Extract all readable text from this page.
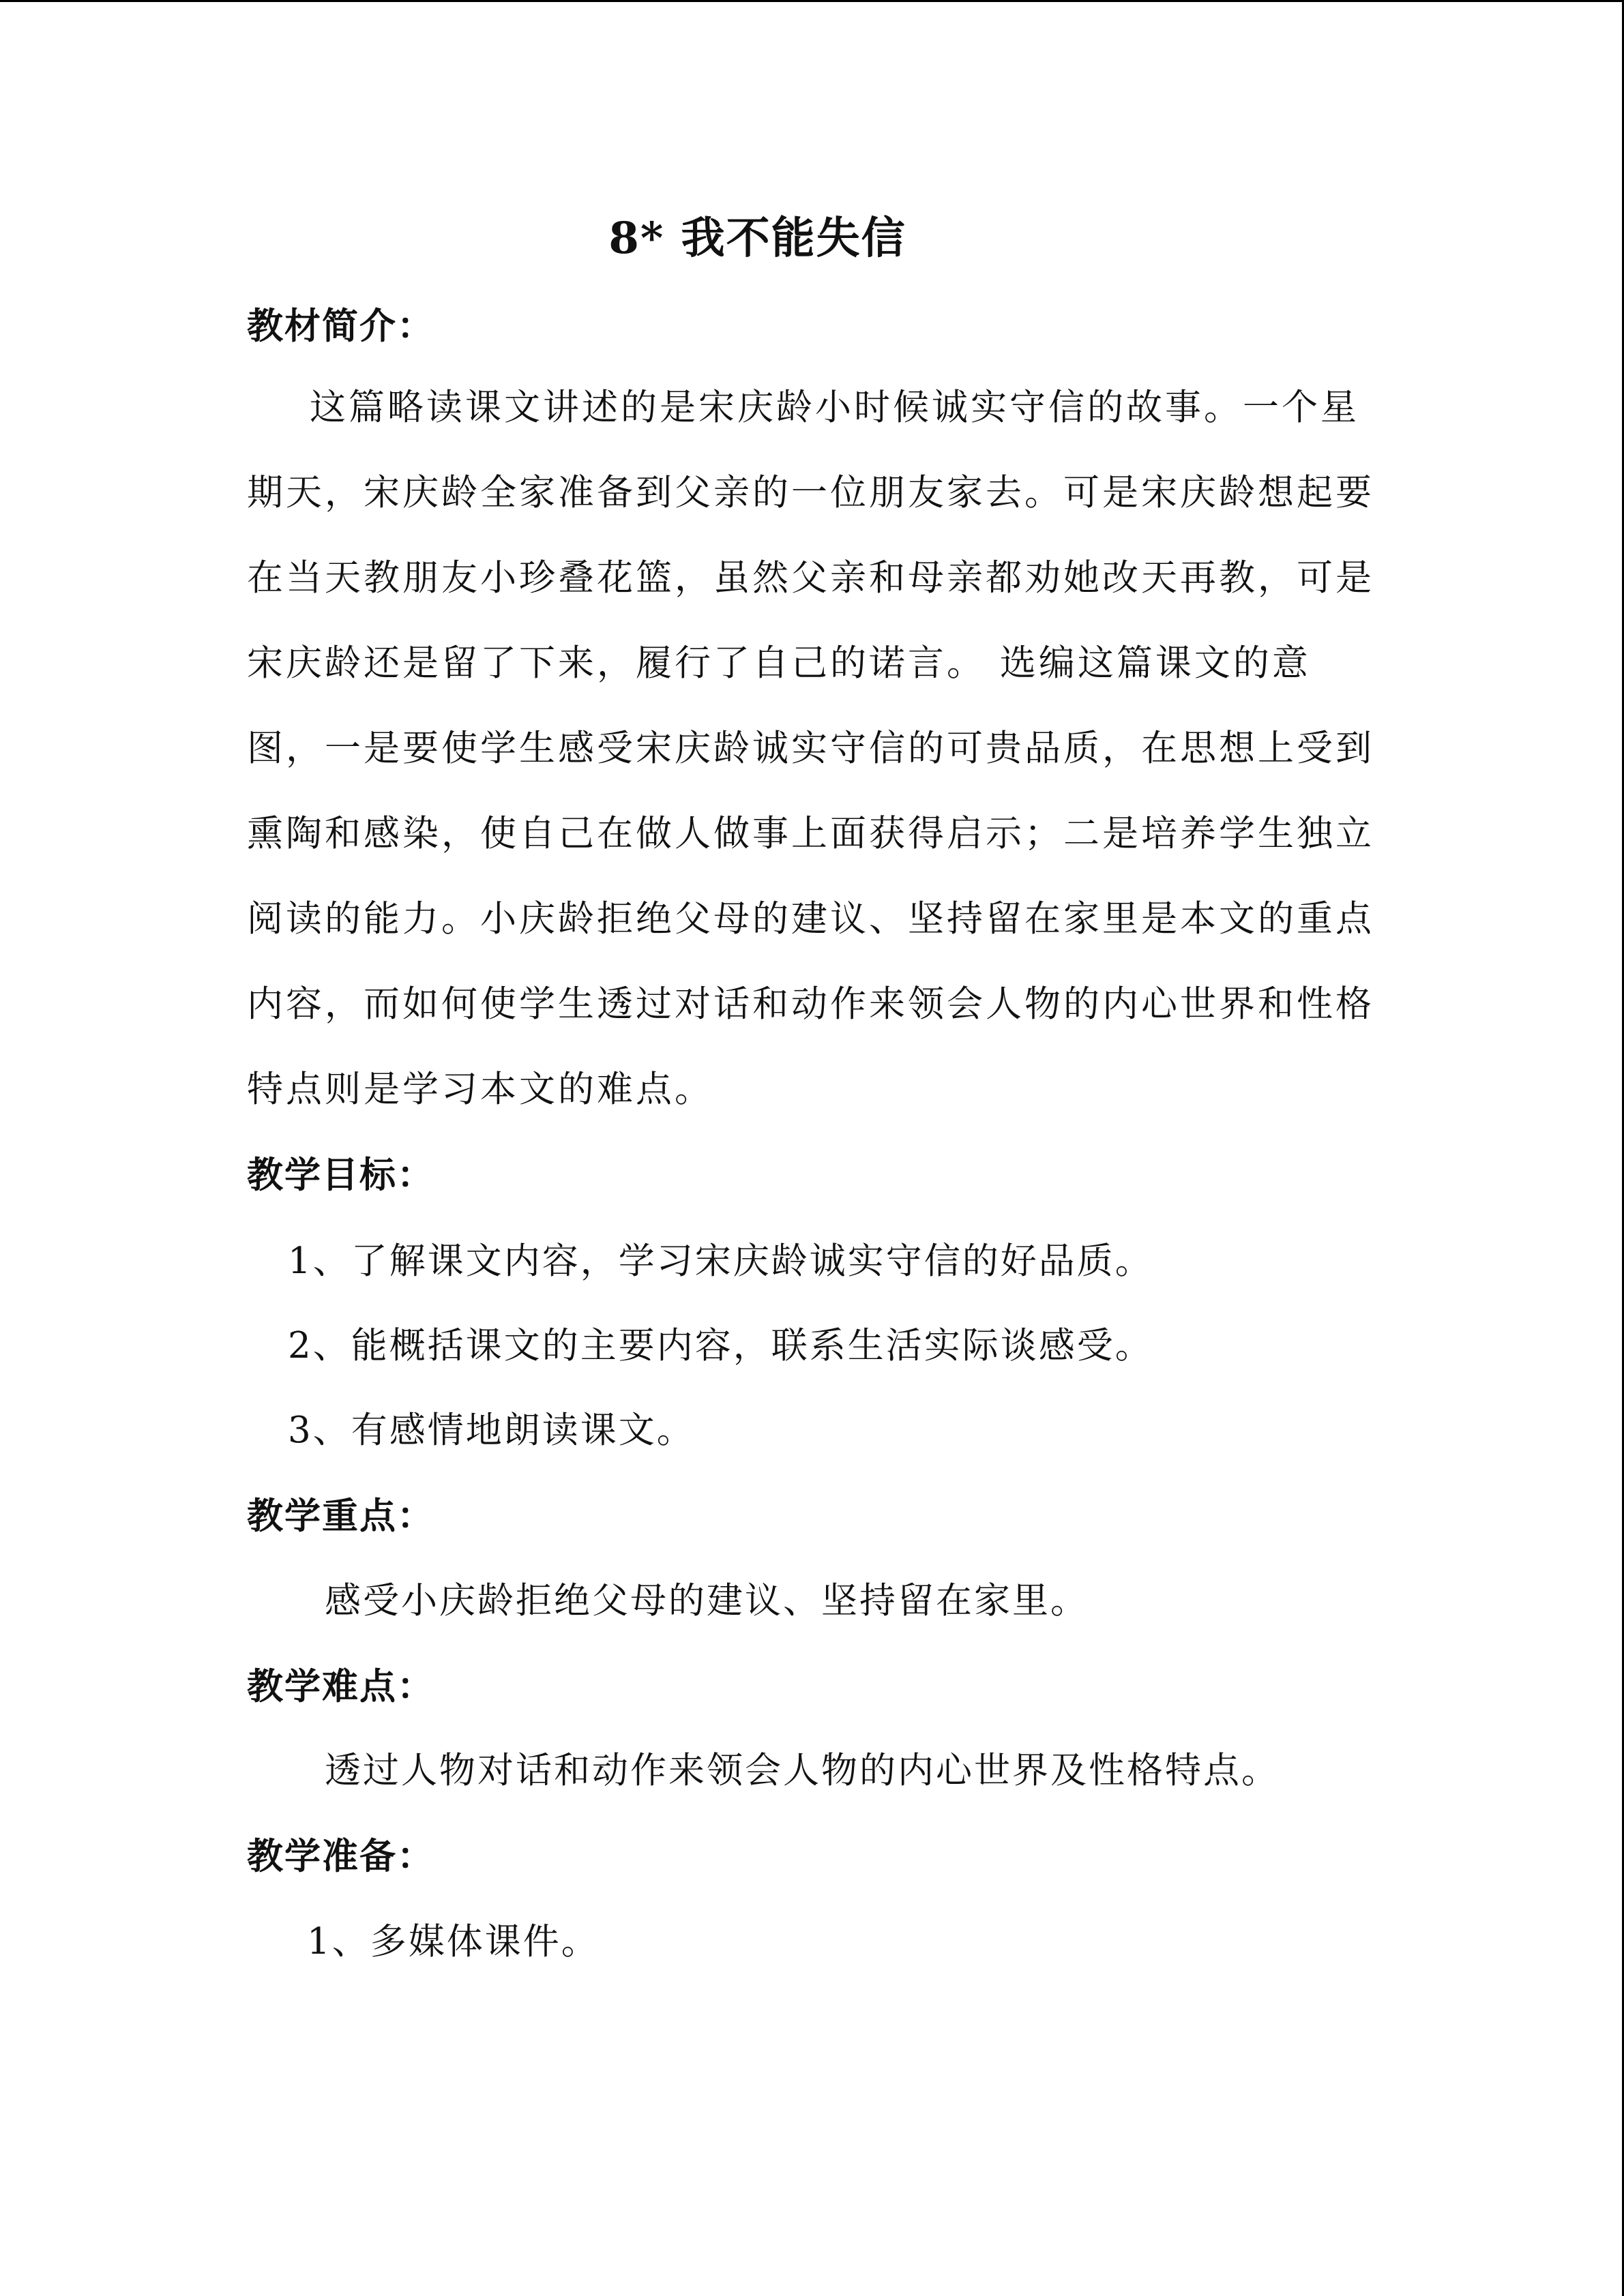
8* 我不能失信
教材简介：

这篇略读课文讲述的是宋庆龄小时候诚实守信的故事。一个星期天，宋庆龄全家准备到父亲的一位朋友家去。可是宋庆龄想起要在当天教朋友小珍叠花篮，虽然父亲和母亲都劝她改天再教，可是宋庆龄还是留了下来，履行了自己的诺言。 选编这篇课文的意图，一是要使学生感受宋庆龄诚实守信的可贵品质，在思想上受到熏陶和感染，使自己在做人做事上面获得启示；二是培养学生独立阅读的能力。小庆龄拒绝父母的建议、坚持留在家里是本文的重点内容，而如何使学生透过对话和动作来领会人物的内心世界和性格特点则是学习本文的难点。

教学目标：

1、了解课文内容，学习宋庆龄诚实守信的好品质。

2、能概括课文的主要内容，联系生活实际谈感受。

3、有感情地朗读课文。

教学重点：

感受小庆龄拒绝父母的建议、坚持留在家里。

教学难点：

透过人物对话和动作来领会人物的内心世界及性格特点。

教学准备：

1、多媒体课件。
